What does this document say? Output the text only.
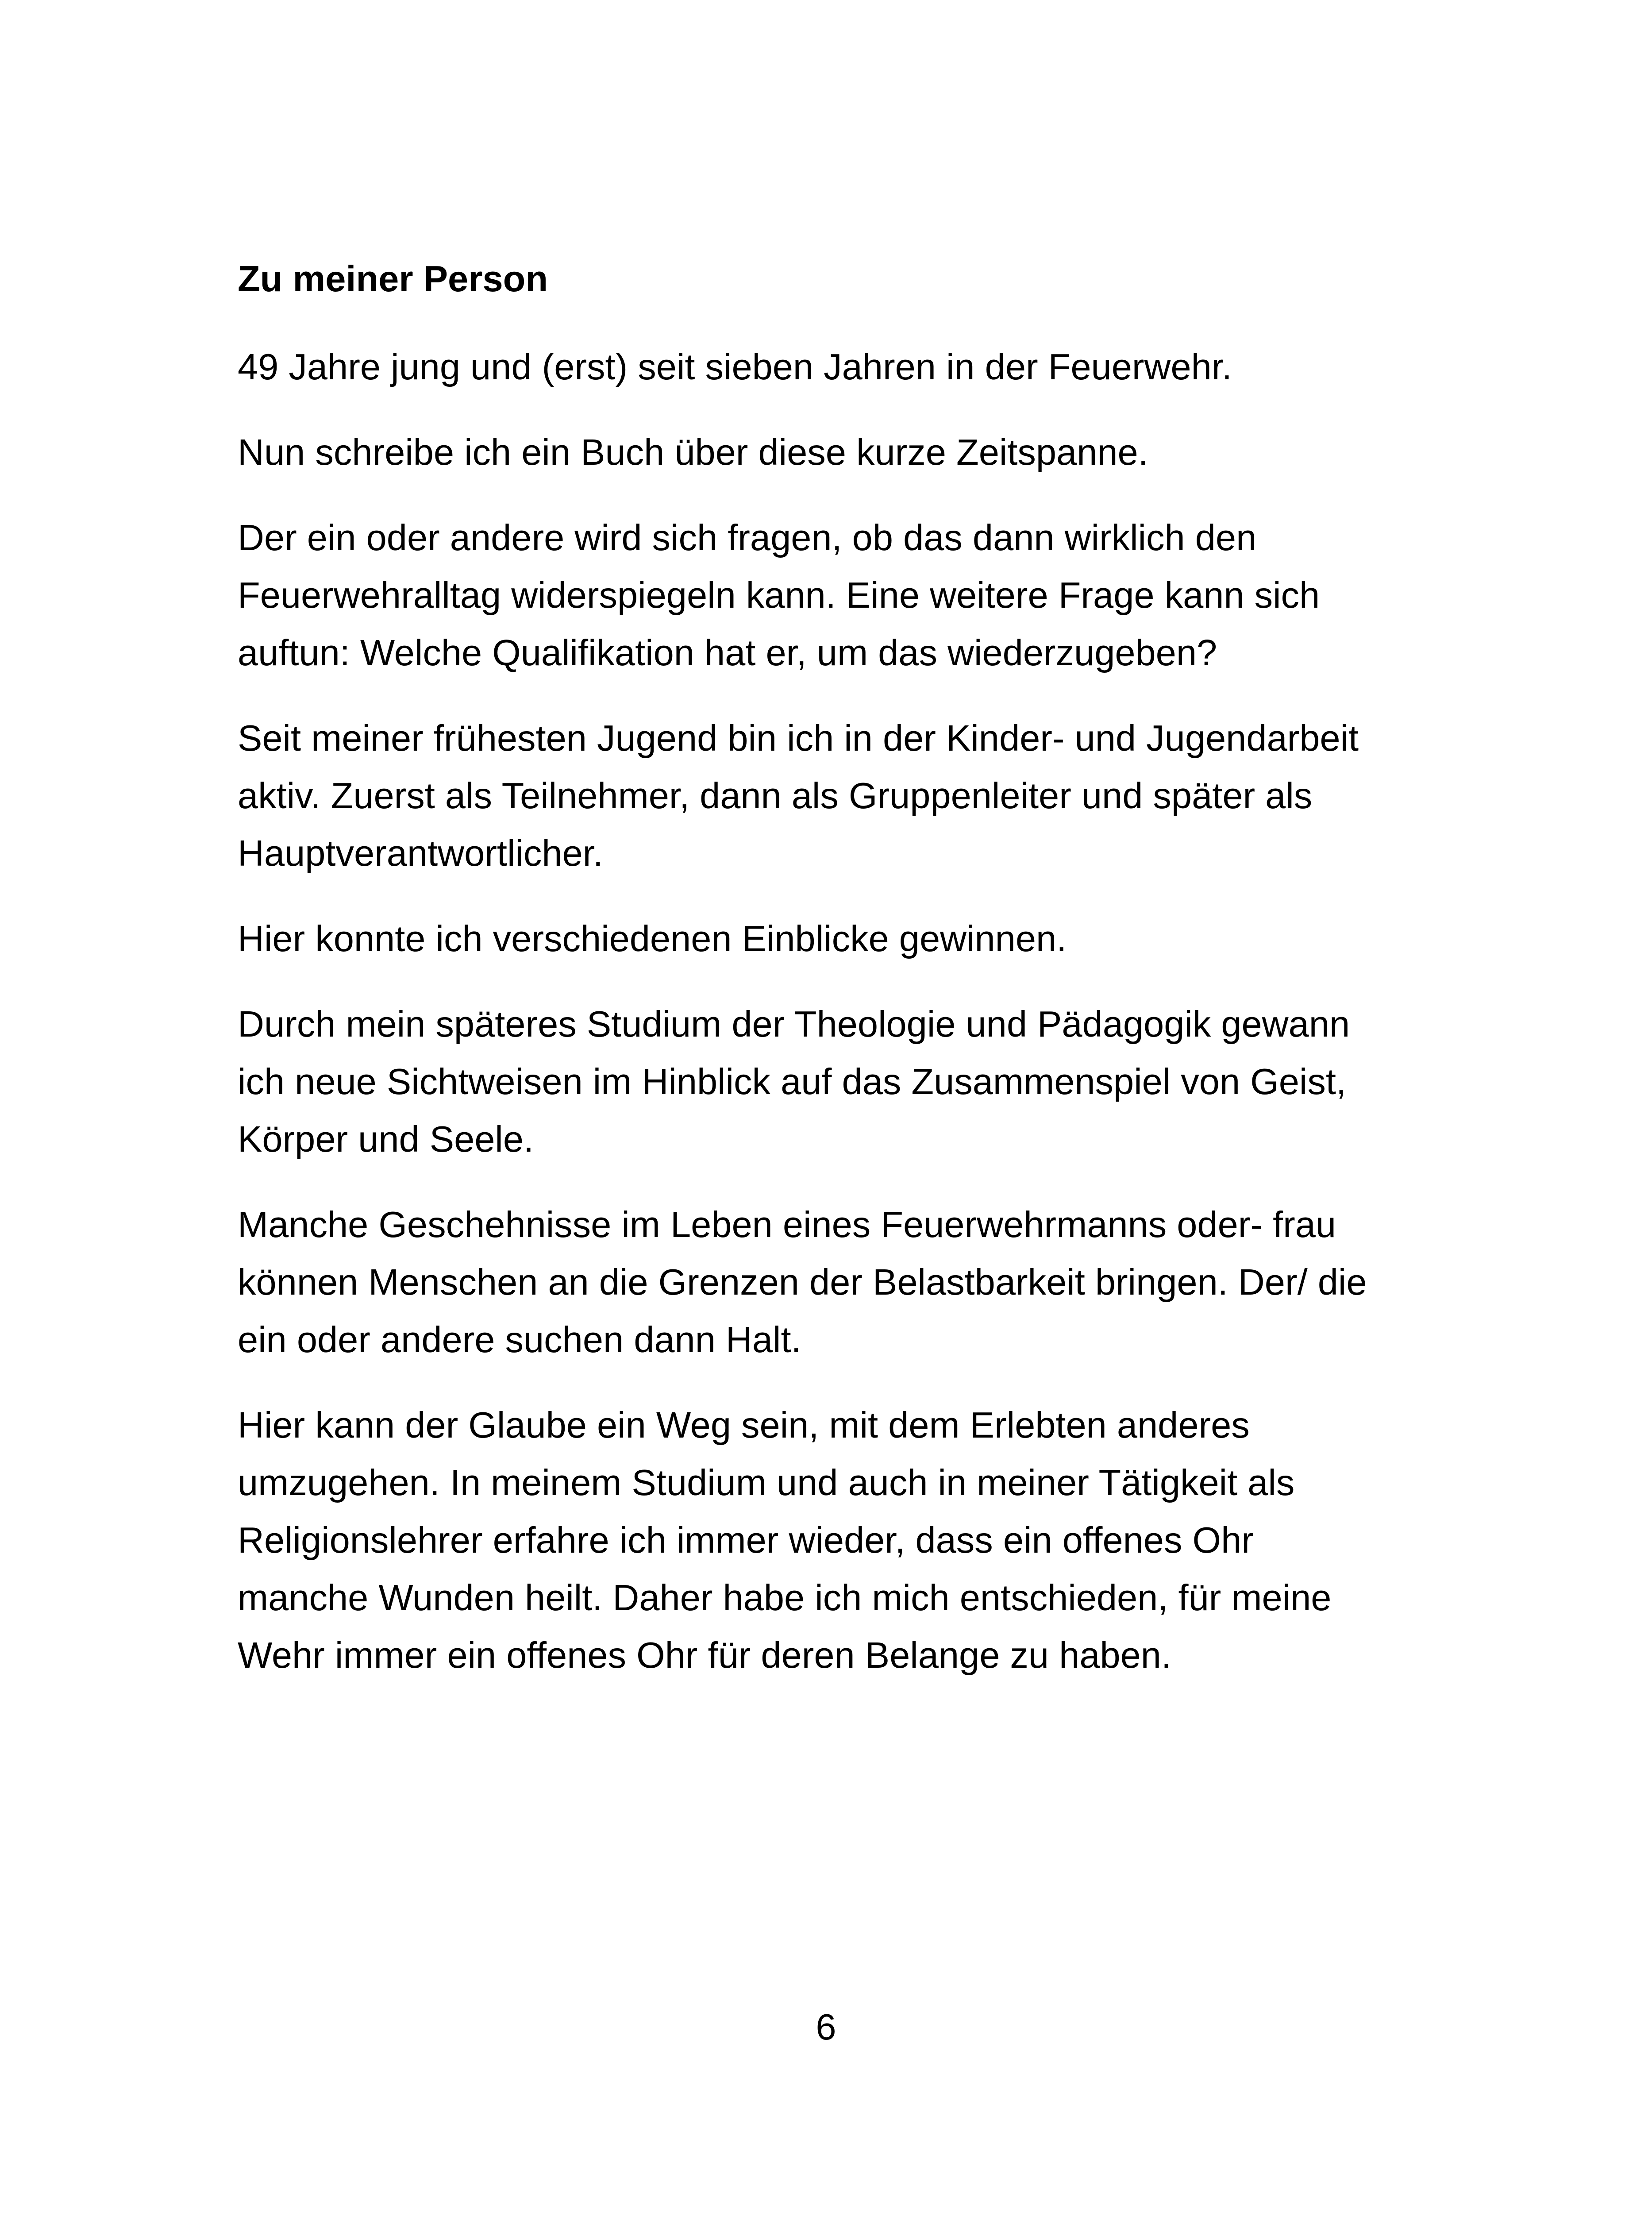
Zu meiner Person

49 Jahre jung und (erst) seit sieben Jahren in der Feuerwehr.

Nun schreibe ich ein Buch über diese kurze Zeitspanne.

Der ein oder andere wird sich fragen, ob das dann wirklich den
Feuerwehralltag widerspiegeln kann. Eine weitere Frage kann sich
auftun: Welche Qualifikation hat er, um das wiederzugeben?

Seit meiner frühesten Jugend bin ich in der Kinder- und Jugendarbeit
aktiv. Zuerst als Teilnehmer, dann als Gruppenleiter und später als
Hauptverantwortlicher.

Hier konnte ich verschiedenen Einblicke gewinnen.

Durch mein späteres Studium der Theologie und Pädagogik gewann
ich neue Sichtweisen im Hinblick auf das Zusammenspiel von Geist,
Körper und Seele.

Manche Geschehnisse im Leben eines Feuerwehrmanns oder- frau
können Menschen an die Grenzen der Belastbarkeit bringen. Der/ die
ein oder andere suchen dann Halt.

Hier kann der Glaube ein Weg sein, mit dem Erlebten anderes
umzugehen. In meinem Studium und auch in meiner Tätigkeit als
Religionslehrer erfahre ich immer wieder, dass ein offenes Ohr
manche Wunden heilt. Daher habe ich mich entschieden, für meine
Wehr immer ein offenes Ohr für deren Belange zu haben.

6
